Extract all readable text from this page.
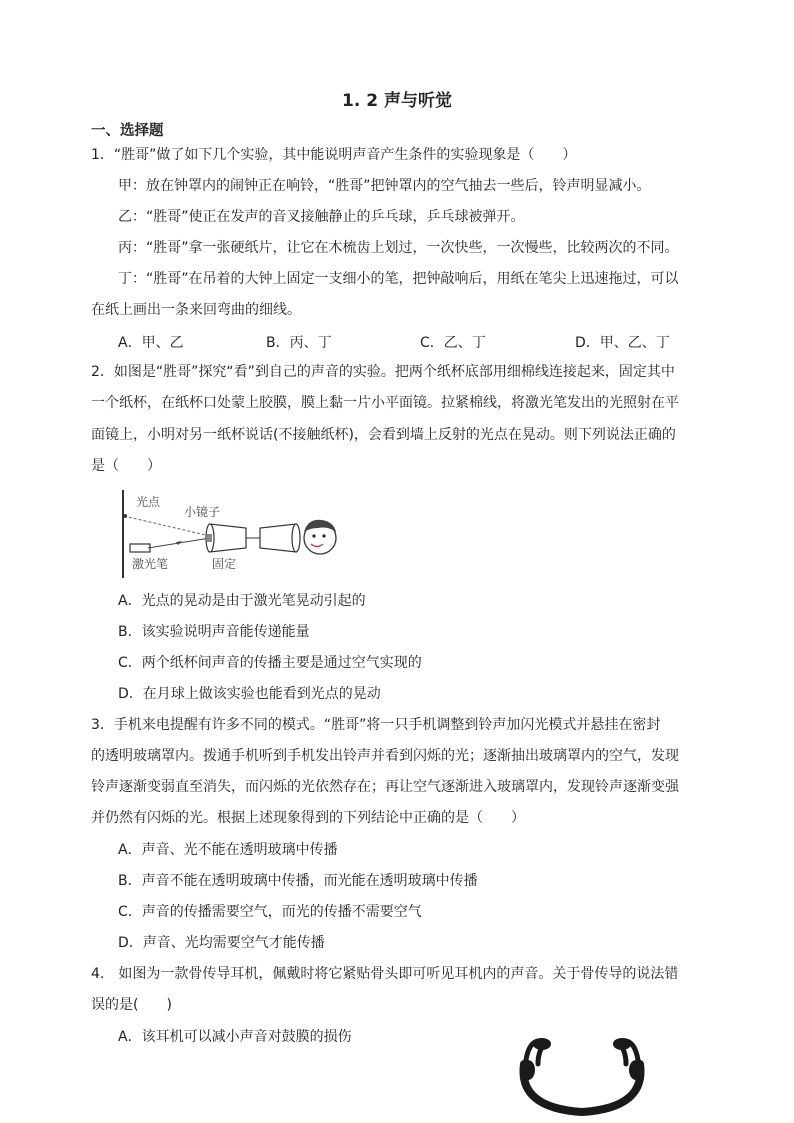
1. 2 声与听觉
一、选择题
1．“胜哥”做了如下几个实验，其中能说明声音产生条件的实验现象是（　　）
甲：放在钟罩内的闹钟正在响铃，“胜哥”把钟罩内的空气抽去一些后，铃声明显减小。
乙：“胜哥”使正在发声的音叉接触静止的乒乓球，乒乓球被弹开。
丙：“胜哥”拿一张硬纸片，让它在木梳齿上划过，一次快些，一次慢些，比较两次的不同。
丁：“胜哥”在吊着的大钟上固定一支细小的笔，把钟敲响后，用纸在笔尖上迅速拖过，可以
在纸上画出一条来回弯曲的细线。
A．甲、乙	B．丙、丁	C．乙、丁	D．甲、乙、丁
2．如图是“胜哥”探究“看”到自己的声音的实验。把两个纸杯底部用细棉线连接起来，固定其中
一个纸杯，在纸杯口处蒙上胶膜，膜上黏一片小平面镜。拉紧棉线，将激光笔发出的光照射在平
面镜上，小明对另一纸杯说话(不接触纸杯)，会看到墙上反射的光点在晃动。则下列说法正确的
是（　　）
光点
小镜子
激光笔	固定
A．光点的晃动是由于激光笔晃动引起的
B．该实验说明声音能传递能量
C．两个纸杯间声音的传播主要是通过空气实现的
D．在月球上做该实验也能看到光点的晃动
3．手机来电提醒有许多不同的模式。“胜哥”将一只手机调整到铃声加闪光模式并悬挂在密封
的透明玻璃罩内。拨通手机听到手机发出铃声并看到闪烁的光；逐渐抽出玻璃罩内的空气，发现
铃声逐渐变弱直至消失，而闪烁的光依然存在；再让空气逐渐进入玻璃罩内，发现铃声逐渐变强
并仍然有闪烁的光。根据上述现象得到的下列结论中正确的是（　　）
A．声音、光不能在透明玻璃中传播
B．声音不能在透明玻璃中传播，而光能在透明玻璃中传播
C．声音的传播需要空气，而光的传播不需要空气
D．声音、光均需要空气才能传播
4． 如图为一款骨传导耳机，佩戴时将它紧贴骨头即可听见耳机内的声音。关于骨传导的说法错
误的是(　　)
A．该耳机可以减小声音对鼓膜的损伤
